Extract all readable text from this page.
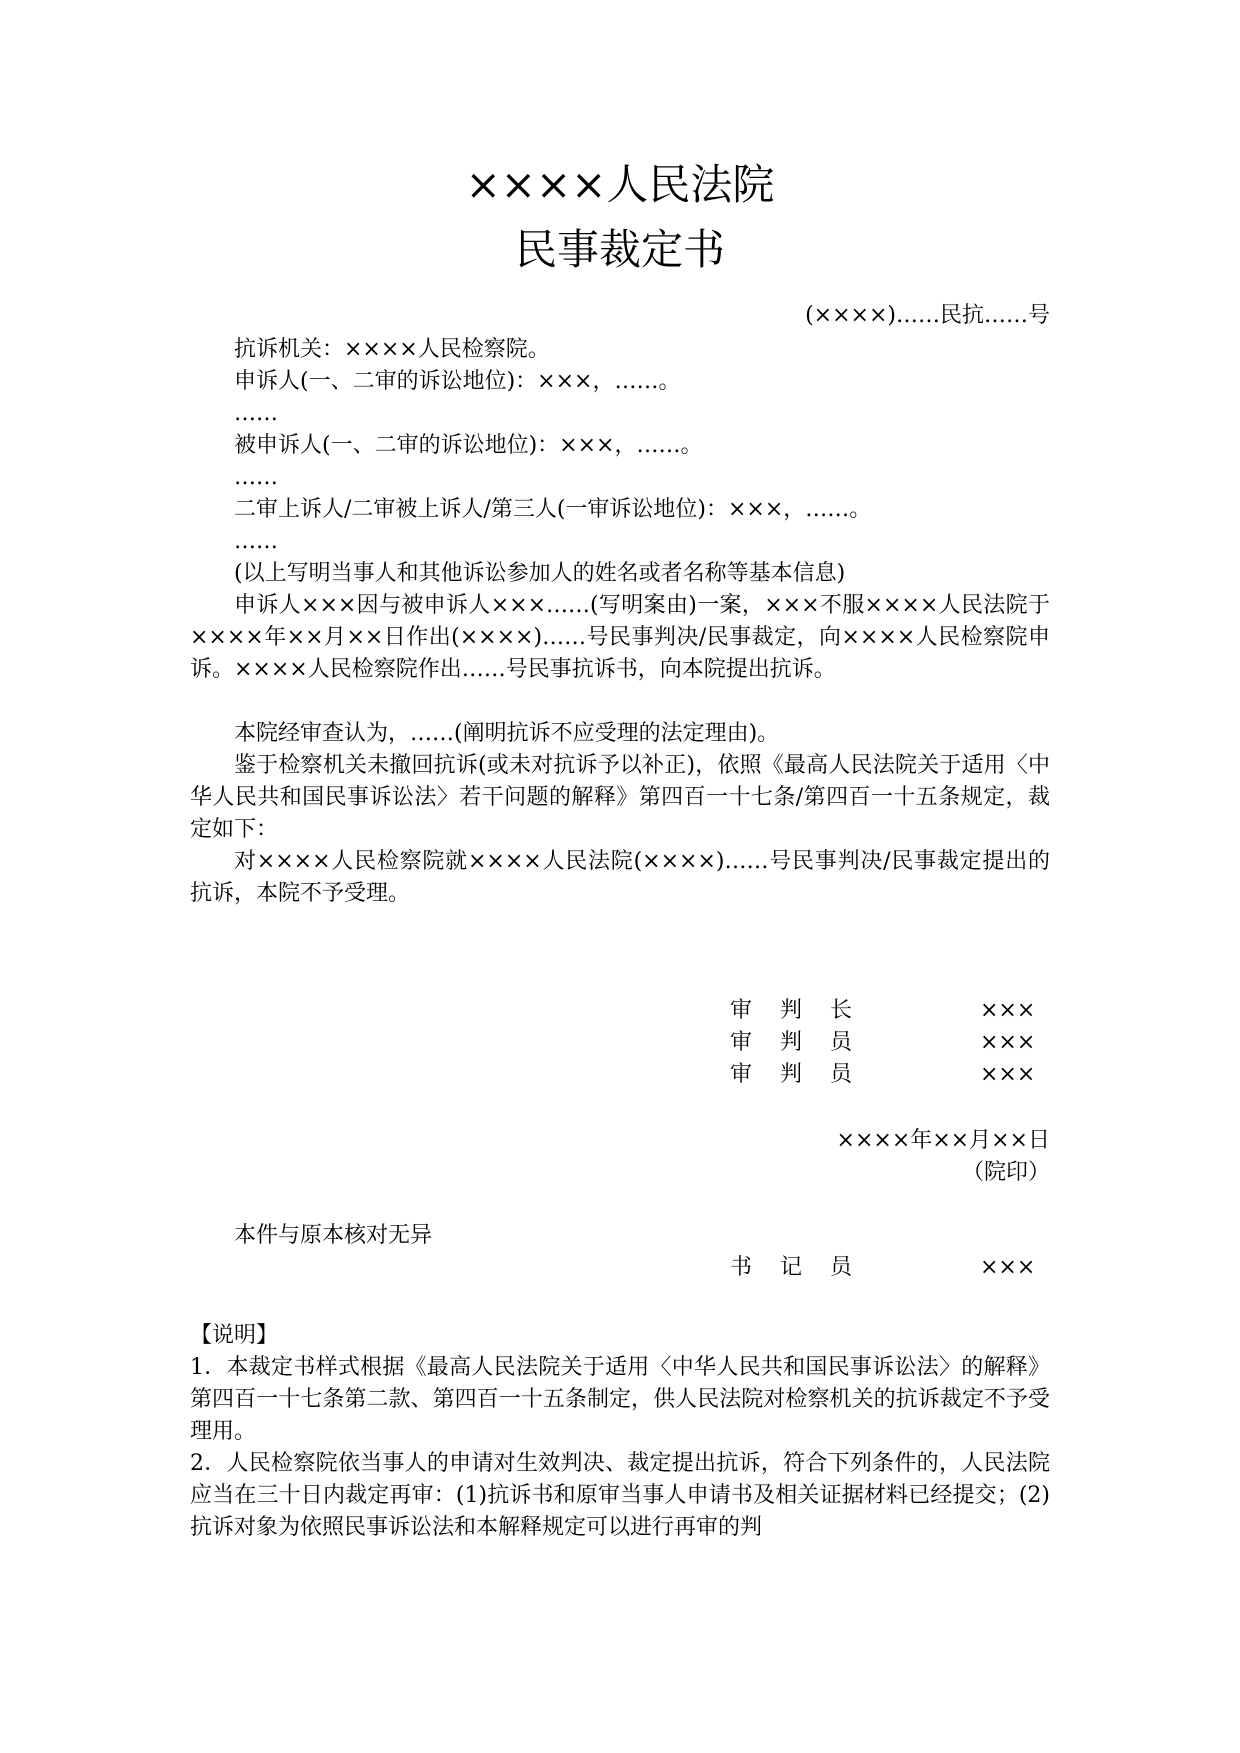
××××人民法院
民事裁定书
(××××)……民抗……号
抗诉机关：××××人民检察院。
申诉人(一、二审的诉讼地位)：×××，……。
……
被申诉人(一、二审的诉讼地位)：×××，……。
……
二审上诉人/二审被上诉人/第三人(一审诉讼地位)：×××，……。
……
(以上写明当事人和其他诉讼参加人的姓名或者名称等基本信息)
申诉人×××因与被申诉人×××……(写明案由)一案，×××不服××××人民法院于××××年××月××日作出(××××)……号民事判决/民事裁定，向××××人民检察院申诉。××××人民检察院作出……号民事抗诉书，向本院提出抗诉。
本院经审查认为，……(阐明抗诉不应受理的法定理由)。
鉴于检察机关未撤回抗诉(或未对抗诉予以补正)，依照《最高人民法院关于适用〈中华人民共和国民事诉讼法〉若干问题的解释》第四百一十七条/第四百一十五条规定，裁定如下：
对××××人民检察院就××××人民法院(××××)……号民事判决/民事裁定提出的抗诉，本院不予受理。
审判长	×××
审判员	×××
审判员	×××
××××年××月××日
（院印）
本件与原本核对无异
书记员	×××
【说明】
1．本裁定书样式根据《最高人民法院关于适用〈中华人民共和国民事诉讼法〉的解释》第四百一十七条第二款、第四百一十五条制定，供人民法院对检察机关的抗诉裁定不予受理用。
2．人民检察院依当事人的申请对生效判决、裁定提出抗诉，符合下列条件的，人民法院应当在三十日内裁定再审：(1)抗诉书和原审当事人申请书及相关证据材料已经提交；(2)抗诉对象为依照民事诉讼法和本解释规定可以进行再审的判
